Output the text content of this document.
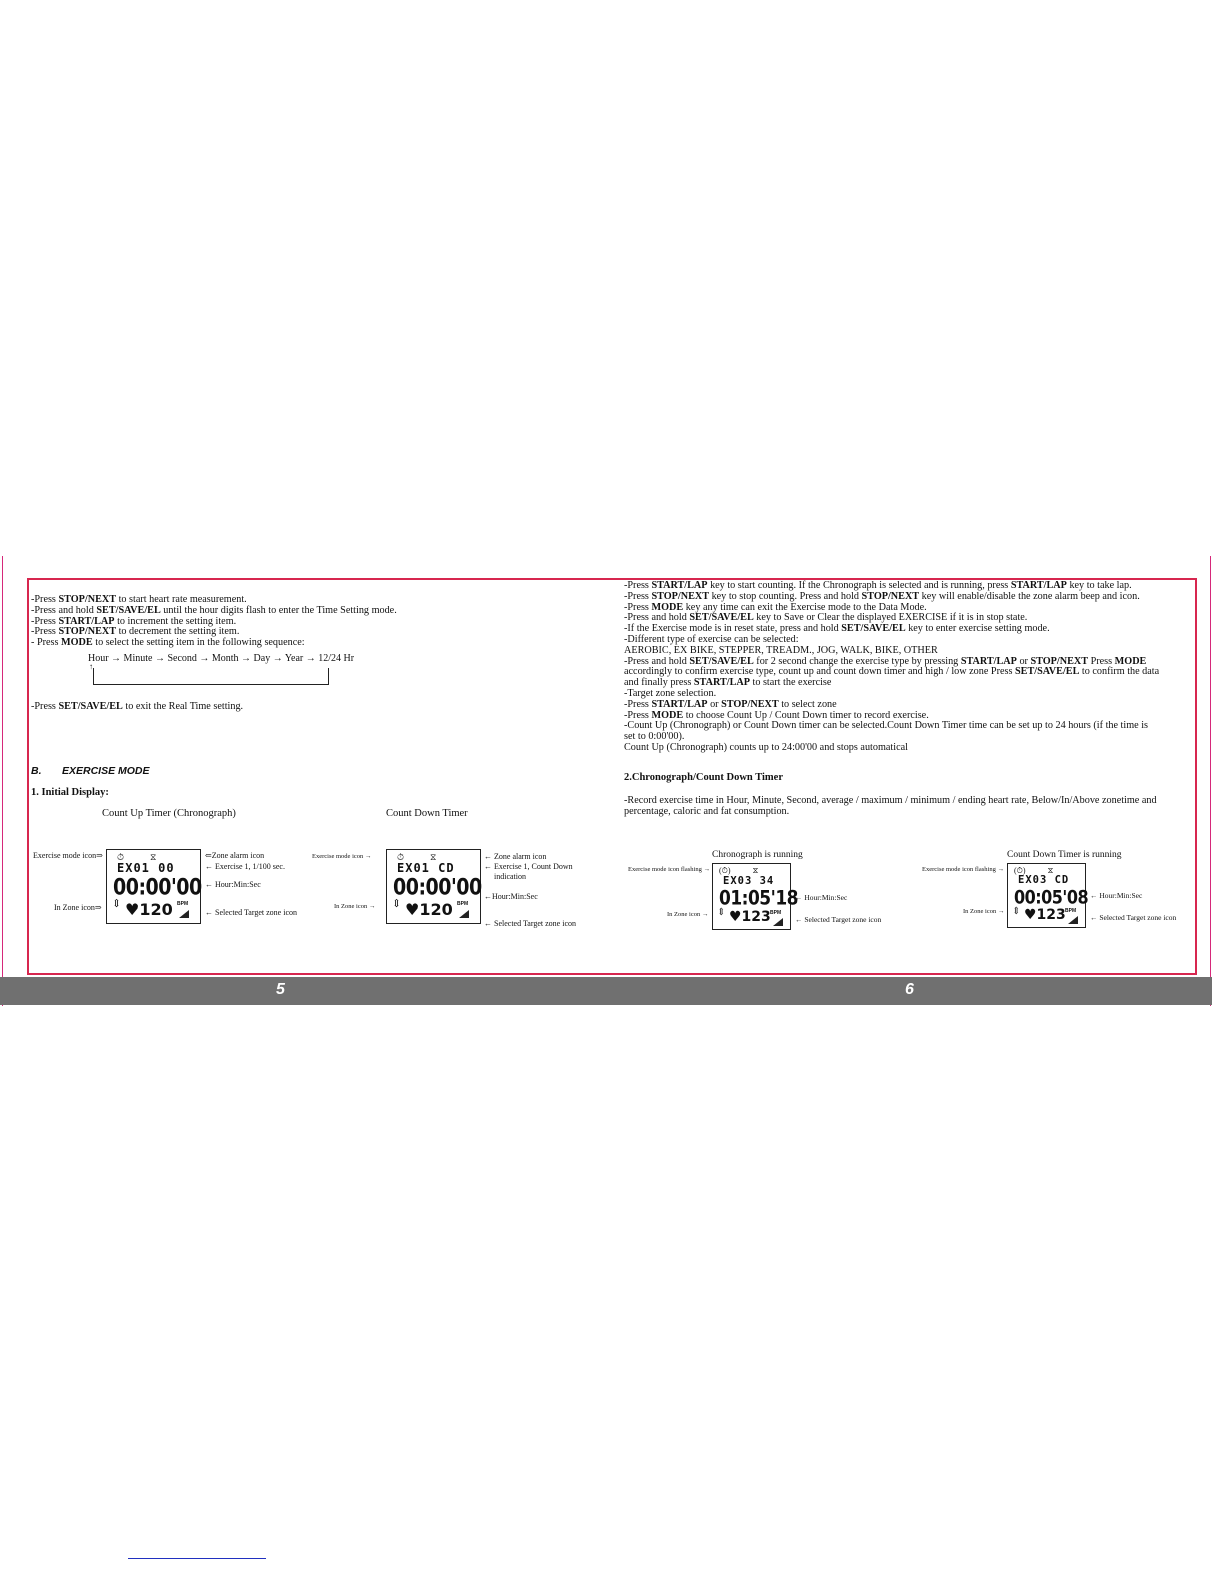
-Press STOP/NEXT to start heart rate measurement.
-Press and hold SET/SAVE/EL until the hour digits flash to enter the Time Setting mode.
-Press START/LAP to increment the setting item.
-Press STOP/NEXT to decrement the setting item.
- Press MODE to select the setting item in the following sequence:
Hour → Minute → Second → Month → Day → Year → 12/24 Hr
↑
-Press SET/SAVE/EL to exit the Real Time setting.
B. EXERCISE MODE
1. Initial Display:
Count Up Timer (Chronograph)	Count Down Timer
⏱	⧖
EX01 00
00:00'00
⇕ ♥120 BPM
Exercise mode icon⇒
In Zone icon⇒
⇐Zone alarm icon
← Exercise 1, 1/100 sec.
← Hour:Min:Sec
← Selected Target zone icon
⏱	⧖
EX01 CD
00:00'00
⇕ ♥120 BPM
Exercise mode icon →
In Zone icon →
← Zone alarm icon
← Exercise 1, Count Down
indication
←Hour:Min:Sec
← Selected Target zone icon
-Press START/LAP key to start counting. If the Chronograph is selected and is running, press START/LAP key to take lap.
-Press STOP/NEXT key to stop counting. Press and hold STOP/NEXT key will enable/disable the zone alarm beep and icon.
-Press MODE key any time can exit the Exercise mode to the Data Mode.
-Press and hold SET/SAVE/EL key to Save or Clear the displayed EXERCISE if it is in stop state.
-If the Exercise mode is in reset state, press and hold SET/SAVE/EL key to enter exercise setting mode.
-Different type of exercise can be selected:
AEROBIC, EX BIKE, STEPPER, TREADM., JOG, WALK, BIKE, OTHER
-Press and hold SET/SAVE/EL for 2 second change the exercise type by pressing START/LAP or STOP/NEXT Press MODE
accordingly to confirm exercise type, count up and count down timer and high / low zone Press SET/SAVE/EL to confirm the data
and finally press START/LAP to start the exercise
-Target zone selection.
-Press START/LAP or STOP/NEXT to select zone
-Press MODE to choose Count Up / Count Down timer to record exercise.
-Count Up (Chronograph) or Count Down timer can be selected.Count Down Timer time can be set up to 24 hours (if the time is
set to 0:00'00).
Count Up (Chronograph) counts up to 24:00'00 and stops automatical
2.Chronograph/Count Down Timer
-Record exercise time in Hour, Minute, Second, average / maximum / minimum / ending heart rate, Below/In/Above zonetime and
percentage, caloric and fat consumption.
Chronograph is running	Count Down Timer is running
(⏱)	⧖
EX03 34
01:05'18
⇕ ♥123 BPM
Exercise mode icon flashing →
In Zone icon →
← Hour:Min:Sec
← Selected Target zone icon
(⏱)	⧖
EX03 CD
00:05'08
⇕ ♥123 BPM
Exercise mode icon flashing →
In Zone icon →
← Hour:Min:Sec
← Selected Target zone icon
5	6
